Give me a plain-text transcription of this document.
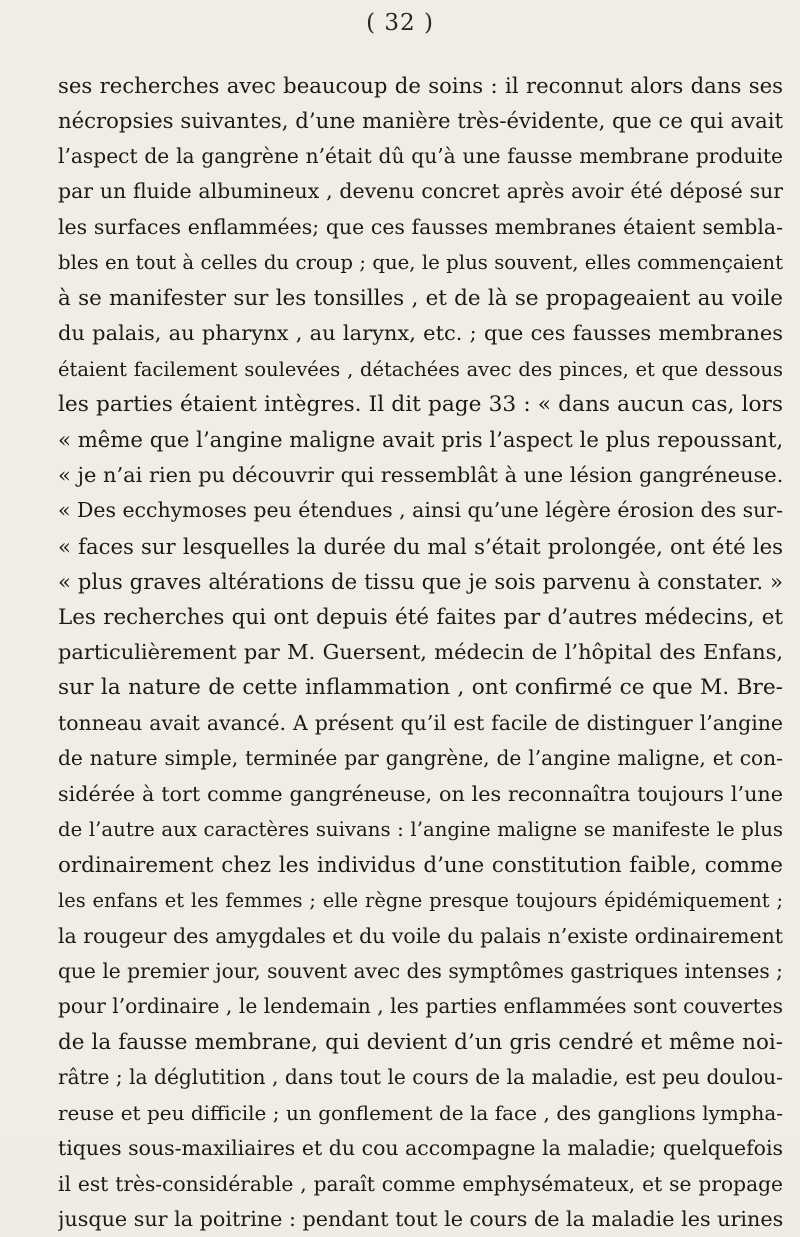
( 32 )
ses recherches avec beaucoup de soins : il reconnut alors dans ses
nécropsies suivantes, d’une manière très-évidente, que ce qui avait
l’aspect de la gangrène n’était dû qu’à une fausse membrane produite
par un fluide albumineux , devenu concret après avoir été déposé sur
les surfaces enflammées; que ces fausses membranes étaient sembla-
bles en tout à celles du croup ; que, le plus souvent, elles commençaient
à se manifester sur les tonsilles , et de là se propageaient au voile
du palais, au pharynx , au larynx, etc. ; que ces fausses membranes
étaient facilement soulevées , détachées avec des pinces, et que dessous
les parties étaient intègres. Il dit page 33 : « dans aucun cas, lors
« même que l’angine maligne avait pris l’aspect le plus repoussant,
« je n’ai rien pu découvrir qui ressemblât à une lésion gangréneuse.
« Des ecchymoses peu étendues , ainsi qu’une légère érosion des sur-
« faces sur lesquelles la durée du mal s’était prolongée, ont été les
« plus graves altérations de tissu que je sois parvenu à constater. »
Les recherches qui ont depuis été faites par d’autres médecins, et
particulièrement par M. Guersent, médecin de l’hôpital des Enfans,
sur la nature de cette inflammation , ont confirmé ce que M. Bre-
tonneau avait avancé. A présent qu’il est facile de distinguer l’angine
de nature simple, terminée par gangrène, de l’angine maligne, et con-
sidérée à tort comme gangréneuse, on les reconnaîtra toujours l’une
de l’autre aux caractères suivans : l’angine maligne se manifeste le plus
ordinairement chez les individus d’une constitution faible, comme
les enfans et les femmes ; elle règne presque toujours épidémiquement ;
la rougeur des amygdales et du voile du palais n’existe ordinairement
que le premier jour, souvent avec des symptômes gastriques intenses ;
pour l’ordinaire , le lendemain , les parties enflammées sont couvertes
de la fausse membrane, qui devient d’un gris cendré et même noi-
râtre ; la déglutition , dans tout le cours de la maladie, est peu doulou-
reuse et peu difficile ; un gonflement de la face , des ganglions lympha-
tiques sous-maxiliaires et du cou accompagne la maladie; quelquefois
il est très-considérable , paraît comme emphysémateux, et se propage
jusque sur la poitrine : pendant tout le cours de la maladie les urines
